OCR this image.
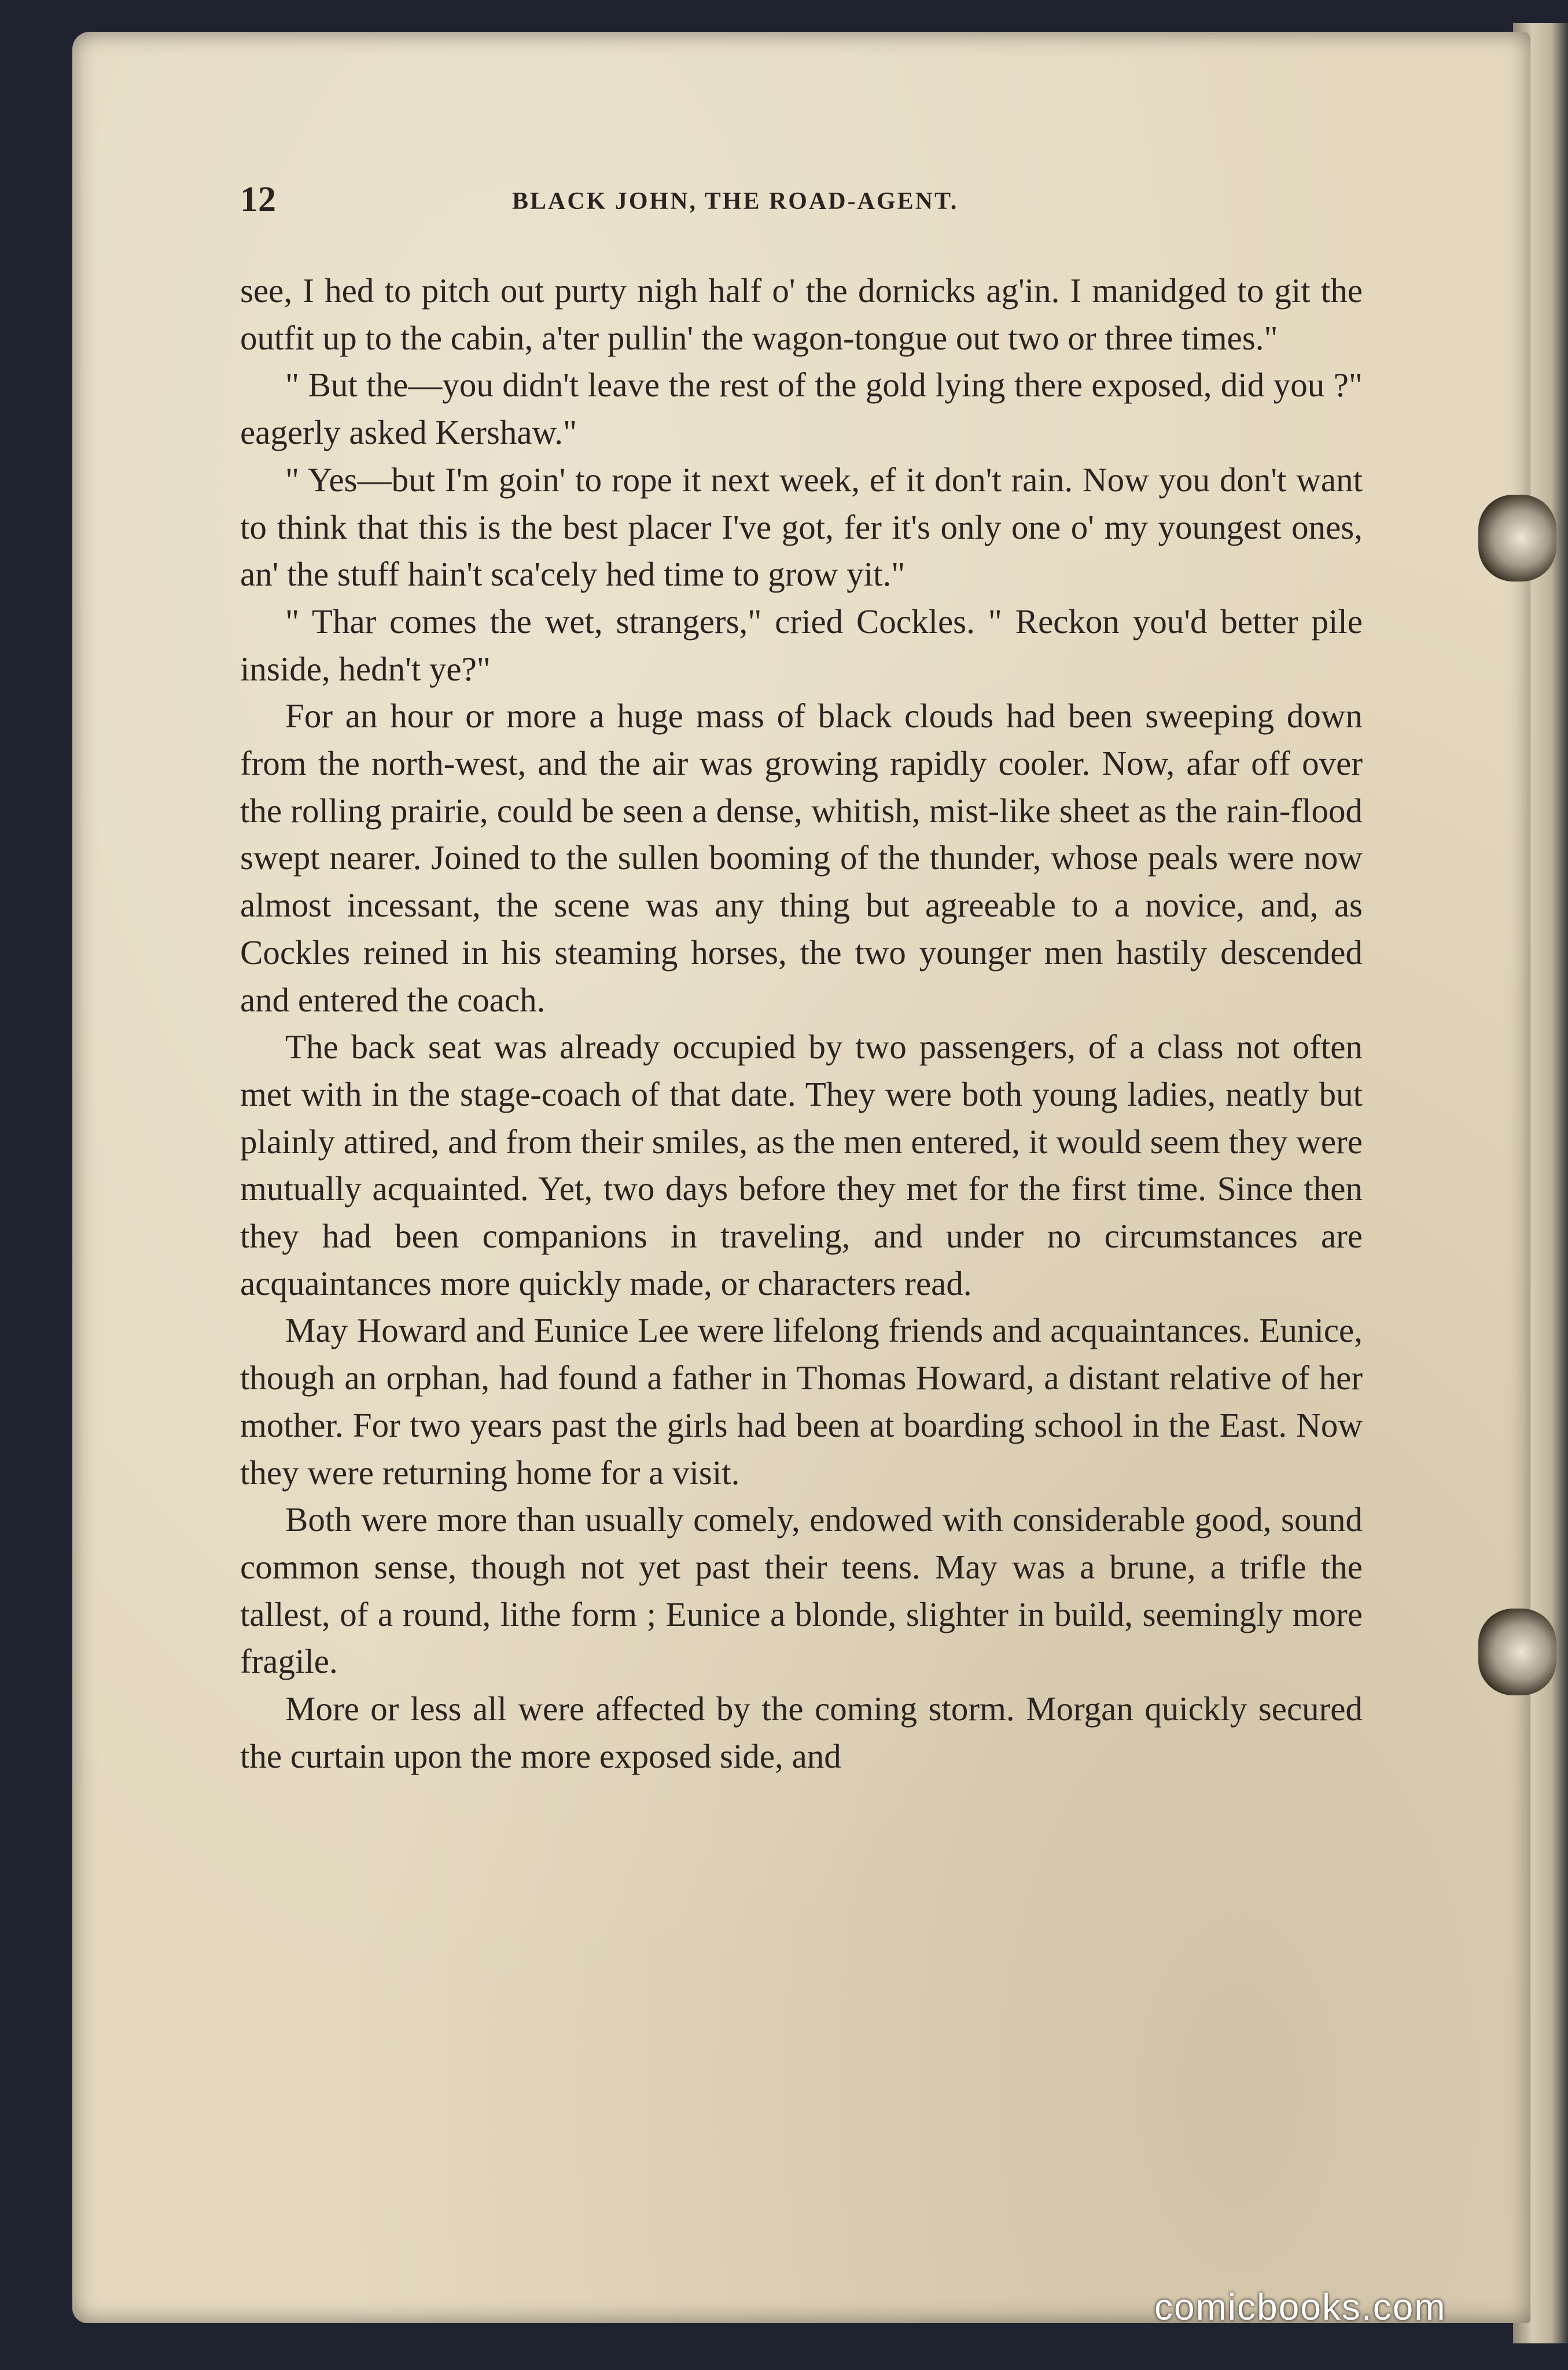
12	BLACK JOHN, THE ROAD-AGENT.

see, I hed to pitch out purty nigh half o' the dornicks ag'in. I manidged to git the outfit up to the cabin, a'ter pullin' the wagon-tongue out two or three times."

" But the—you didn't leave the rest of the gold lying there exposed, did you ?" eagerly asked Kershaw."

" Yes—but I'm goin' to rope it next week, ef it don't rain. Now you don't want to think that this is the best placer I've got, fer it's only one o' my youngest ones, an' the stuff hain't sca'cely hed time to grow yit."

" Thar comes the wet, strangers," cried Cockles. " Reckon you'd better pile inside, hedn't ye?"

For an hour or more a huge mass of black clouds had been sweeping down from the north-west, and the air was growing rapidly cooler. Now, afar off over the rolling prairie, could be seen a dense, whitish, mist-like sheet as the rain-flood swept nearer. Joined to the sullen booming of the thunder, whose peals were now almost incessant, the scene was any thing but agreeable to a novice, and, as Cockles reined in his steaming horses, the two younger men hastily descended and entered the coach.

The back seat was already occupied by two passengers, of a class not often met with in the stage-coach of that date. They were both young ladies, neatly but plainly attired, and from their smiles, as the men entered, it would seem they were mutually acquainted. Yet, two days before they met for the first time. Since then they had been companions in traveling, and under no circumstances are acquaintances more quickly made, or characters read.

May Howard and Eunice Lee were lifelong friends and acquaintances. Eunice, though an orphan, had found a father in Thomas Howard, a distant relative of her mother. For two years past the girls had been at boarding school in the East. Now they were returning home for a visit.

Both were more than usually comely, endowed with considerable good, sound common sense, though not yet past their teens. May was a brune, a trifle the tallest, of a round, lithe form ; Eunice a blonde, slighter in build, seemingly more fragile.

More or less all were affected by the coming storm. Morgan quickly secured the curtain upon the more exposed side, and

comicbooks.com
